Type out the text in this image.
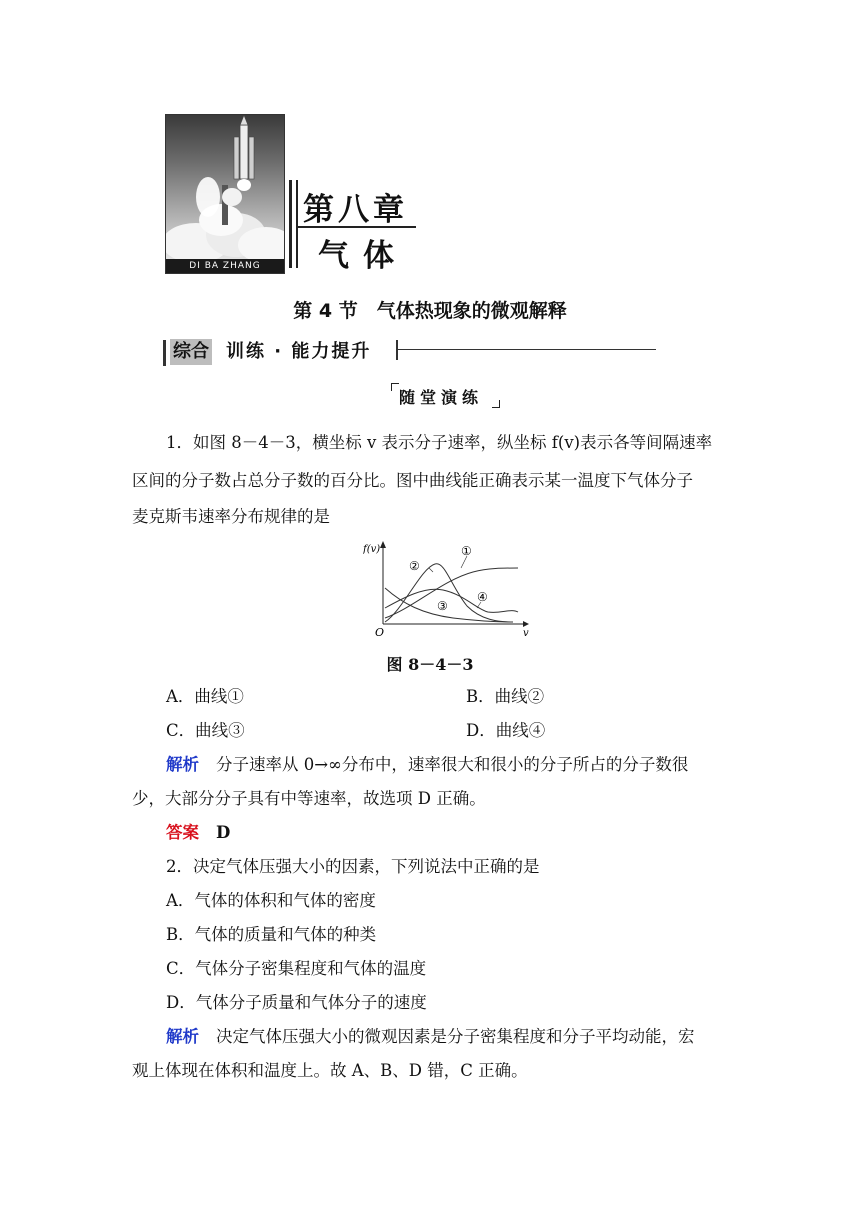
DI BA ZHANG
第八章
气体
第 4 节　气体热现象的微观解释
综合 训练 · 能力提升
随堂演练
1．如图 8－4－3，横坐标 v 表示分子速率，纵坐标 f(v)表示各等间隔速率
区间的分子数占总分子数的百分比。图中曲线能正确表示某一温度下气体分子
麦克斯韦速率分布规律的是
f(v)
v
O
①
②
③
④
图 8－4－3
A．曲线①	B．曲线②
C．曲线③	D．曲线④
解析 分子速率从 0→∞分布中，速率很大和很小的分子所占的分子数很
少，大部分分子具有中等速率，故选项 D 正确。
答案 D
2．决定气体压强大小的因素，下列说法中正确的是
A．气体的体积和气体的密度
B．气体的质量和气体的种类
C．气体分子密集程度和气体的温度
D．气体分子质量和气体分子的速度
解析 决定气体压强大小的微观因素是分子密集程度和分子平均动能，宏
观上体现在体积和温度上。故 A、B、D 错，C 正确。
